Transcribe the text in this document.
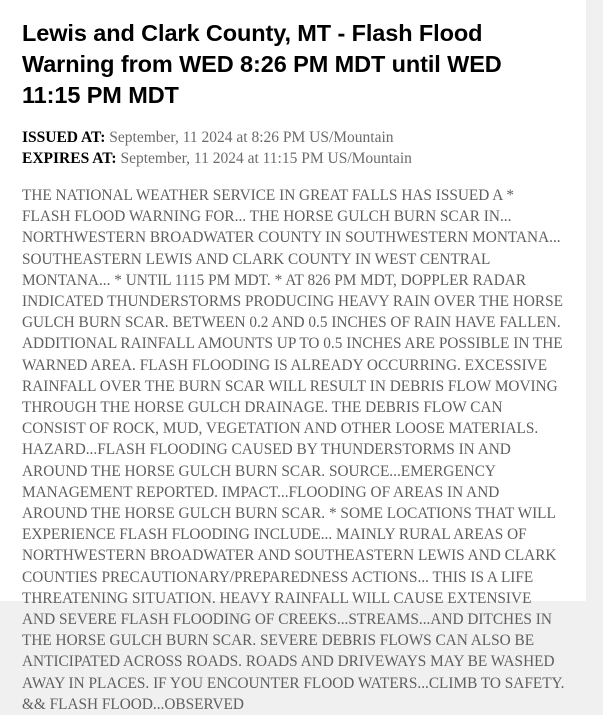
Lewis and Clark County, MT - Flash Flood Warning from WED 8:26 PM MDT until WED 11:15 PM MDT

ISSUED AT: September, 11 2024 at 8:26 PM US/Mountain

EXPIRES AT: September, 11 2024 at 11:15 PM US/Mountain

THE NATIONAL WEATHER SERVICE IN GREAT FALLS HAS ISSUED A * FLASH FLOOD WARNING FOR... THE HORSE GULCH BURN SCAR IN... NORTHWESTERN BROADWATER COUNTY IN SOUTHWESTERN MONTANA... SOUTHEASTERN LEWIS AND CLARK COUNTY IN WEST CENTRAL MONTANA... * UNTIL 1115 PM MDT. * AT 826 PM MDT, DOPPLER RADAR INDICATED THUNDERSTORMS PRODUCING HEAVY RAIN OVER THE HORSE GULCH BURN SCAR. BETWEEN 0.2 AND 0.5 INCHES OF RAIN HAVE FALLEN. ADDITIONAL RAINFALL AMOUNTS UP TO 0.5 INCHES ARE POSSIBLE IN THE WARNED AREA. FLASH FLOODING IS ALREADY OCCURRING. EXCESSIVE RAINFALL OVER THE BURN SCAR WILL RESULT IN DEBRIS FLOW MOVING THROUGH THE HORSE GULCH DRAINAGE. THE DEBRIS FLOW CAN CONSIST OF ROCK, MUD, VEGETATION AND OTHER LOOSE MATERIALS. HAZARD...FLASH FLOODING CAUSED BY THUNDERSTORMS IN AND AROUND THE HORSE GULCH BURN SCAR. SOURCE...EMERGENCY MANAGEMENT REPORTED. IMPACT...FLOODING OF AREAS IN AND AROUND THE HORSE GULCH BURN SCAR. * SOME LOCATIONS THAT WILL EXPERIENCE FLASH FLOODING INCLUDE... MAINLY RURAL AREAS OF NORTHWESTERN BROADWATER AND SOUTHEASTERN LEWIS AND CLARK COUNTIES PRECAUTIONARY/PREPAREDNESS ACTIONS... THIS IS A LIFE THREATENING SITUATION. HEAVY RAINFALL WILL CAUSE EXTENSIVE AND SEVERE FLASH FLOODING OF CREEKS...STREAMS...AND DITCHES IN THE HORSE GULCH BURN SCAR. SEVERE DEBRIS FLOWS CAN ALSO BE ANTICIPATED ACROSS ROADS. ROADS AND DRIVEWAYS MAY BE WASHED AWAY IN PLACES. IF YOU ENCOUNTER FLOOD WATERS...CLIMB TO SAFETY. && FLASH FLOOD...OBSERVED
